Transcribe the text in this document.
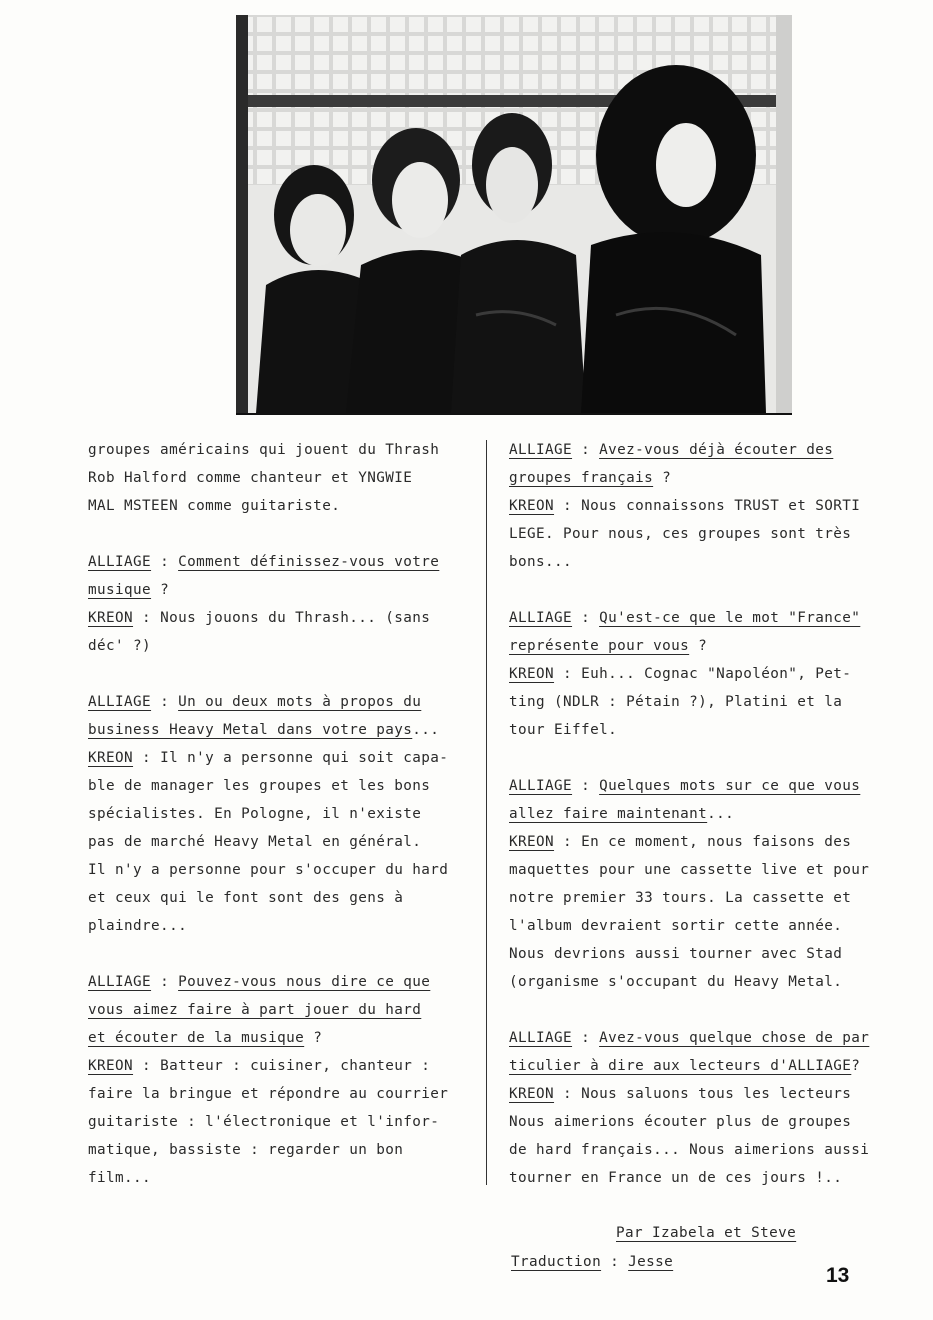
groupes américains qui jouent du Thrash
Rob Halford comme chanteur et YNGWIE
MAL MSTEEN comme guitariste.
ALLIAGE : Comment définissez-vous votre
musique ?
KREON : Nous jouons du Thrash... (sans
déc' ?)
ALLIAGE : Un ou deux mots à propos du
business Heavy Metal dans votre pays...
KREON : Il n'y a personne qui soit capa-
ble de manager les groupes et les bons
spécialistes. En Pologne, il n'existe
pas de marché Heavy Metal en général.
Il n'y a personne pour s'occuper du hard
et ceux qui le font sont des gens à
plaindre...
ALLIAGE : Pouvez-vous nous dire ce que
vous aimez faire à part jouer du hard
et écouter de la musique ?
KREON : Batteur : cuisiner, chanteur :
faire la bringue et répondre au courrier
guitariste : l'électronique et l'infor-
matique, bassiste : regarder un bon
film...
ALLIAGE : Avez-vous déjà écouter des
groupes français ?
KREON : Nous connaissons TRUST et SORTI
LEGE. Pour nous, ces groupes sont très
bons...
ALLIAGE : Qu'est-ce que le mot "France"
représente pour vous ?
KREON : Euh... Cognac "Napoléon", Pet-
ting (NDLR : Pétain ?), Platini et la
tour Eiffel.
ALLIAGE : Quelques mots sur ce que vous
allez faire maintenant...
KREON : En ce moment, nous faisons des
maquettes pour une cassette live et pour
notre premier 33 tours. La cassette et
l'album devraient sortir cette année.
Nous devrions aussi tourner avec Stad
(organisme s'occupant du Heavy Metal.
ALLIAGE : Avez-vous quelque chose de par
ticulier à dire aux lecteurs d'ALLIAGE?
KREON : Nous saluons tous les lecteurs
Nous aimerions écouter plus de groupes
de hard français... Nous aimerions aussi
tourner en France un de ces jours !..
Par Izabela et Steve
Traduction : Jesse
13
